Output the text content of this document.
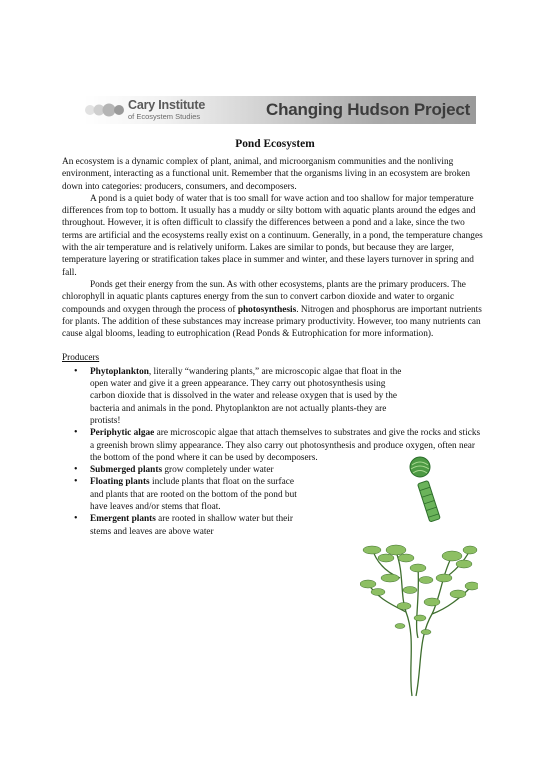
Cary Institute
of Ecosystem Studies	Changing Hudson Project
Pond Ecosystem

An ecosystem is a dynamic complex of plant, animal, and microorganism communities and the nonliving environment, interacting as a functional unit. Remember that the organisms living in an ecosystem are broken down into categories: producers, consumers, and decomposers.

A pond is a quiet body of water that is too small for wave action and too shallow for major temperature differences from top to bottom. It usually has a muddy or silty bottom with aquatic plants around the edges and throughout. However, it is often difficult to classify the differences between a pond and a lake, since the two terms are artificial and the ecosystems really exist on a continuum. Generally, in a pond, the temperature changes with the air temperature and is relatively uniform. Lakes are similar to ponds, but because they are larger, temperature layering or stratification takes place in summer and winter, and these layers turnover in spring and fall.

Ponds get their energy from the sun. As with other ecosystems, plants are the primary producers. The chlorophyll in aquatic plants captures energy from the sun to convert carbon dioxide and water to organic compounds and oxygen through the process of photosynthesis. Nitrogen and phosphorus are important nutrients for plants. The addition of these substances may increase primary productivity. However, too many nutrients can cause algal blooms, leading to eutrophication (Read Ponds & Eutrophication for more information).

Producers

• Phytoplankton, literally “wandering plants,” are microscopic algae that float in the open water and give it a green appearance. They carry out photosynthesis using carbon dioxide that is dissolved in the water and release oxygen that is used by the bacteria and animals in the pond. Phytoplankton are not actually plants-they are protists!
• Periphytic algae are microscopic algae that attach themselves to substrates and give the rocks and sticks a greenish brown slimy appearance. They also carry out photosynthesis and produce oxygen, often near the bottom of the pond where it can be used by decomposers.
• Submerged plants grow completely under water
• Floating plants include plants that float on the surface and plants that are rooted on the bottom of the pond but have leaves and/or stems that float.
• Emergent plants are rooted in shallow water but their stems and leaves are above water
